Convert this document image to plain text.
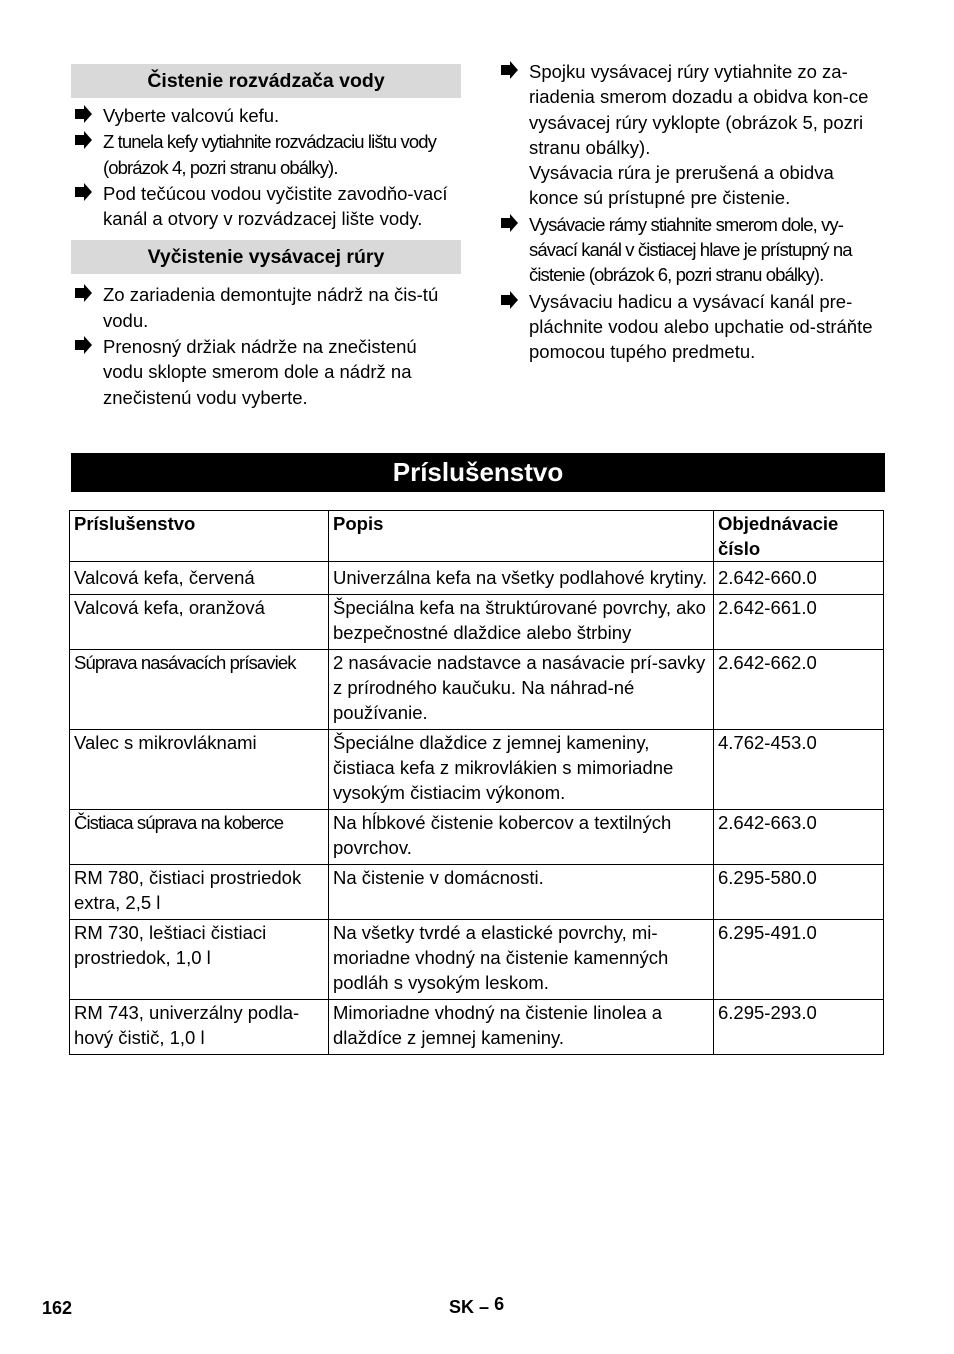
Čistenie rozvádzača vody
Vyberte valcovú kefu.
Z tunela kefy vytiahnite rozvádzaciu lištu vody (obrázok 4, pozri stranu obálky).
Pod tečúcou vodou vyčistite zavodňo-vací kanál a otvory v rozvádzacej lište vody.
Vyčistenie vysávacej rúry
Zo zariadenia demontujte nádrž na čis-tú vodu.
Prenosný držiak nádrže na znečistenú vodu sklopte smerom dole a nádrž na znečistenú vodu vyberte.
Spojku vysávacej rúry vytiahnite zo za-riadenia smerom dozadu a obidva kon-ce vysávacej rúry vyklopte (obrázok 5, pozri stranu obálky).
Vysávacia rúra je prerušená a obidva konce sú prístupné pre čistenie.
Vysávacie rámy stiahnite smerom dole, vy-sávací kanál v čistiacej hlave je prístupný na
čistenie (obrázok 6, pozri stranu obálky).
Vysávaciu hadicu a vysávací kanál pre-pláchnite vodou alebo upchatie od-stráňte pomocou tupého predmetu.
Príslušenstvo
Príslušenstvo	Popis	Objednávacie číslo

Valcová kefa, červená	Univerzálna kefa na všetky podlahové krytiny.	2.642-660.0
Valcová kefa, oranžová	Špeciálna kefa na štruktúrované povrchy, ako bezpečnostné dlaždice alebo štrbiny	2.642-661.0
Súprava nasávacích prísaviek	2 nasávacie nadstavce a nasávacie prí-savky z prírodného kaučuku. Na náhrad-né používanie.	2.642-662.0
Valec s mikrovláknami	Špeciálne dlaždice z jemnej kameniny, čistiaca kefa z mikrovlákien s mimoriadne vysokým čistiacim výkonom.	4.762-453.0
Čistiaca súprava na koberce	Na hĺbkové čistenie kobercov a textilných povrchov.	2.642-663.0
RM 780, čistiaci prostriedok extra, 2,5 l	Na čistenie v domácnosti.	6.295-580.0
RM 730, leštiaci čistiaci prostriedok, 1,0 l	Na všetky tvrdé a elastické povrchy, mi-moriadne vhodný na čistenie kamenných podláh s vysokým leskom.	6.295-491.0
RM 743, univerzálny podla-hový čistič, 1,0 l	Mimoriadne vhodný na čistenie linolea a dlaždíce z jemnej kameniny.	6.295-293.0
162	SK – 6
